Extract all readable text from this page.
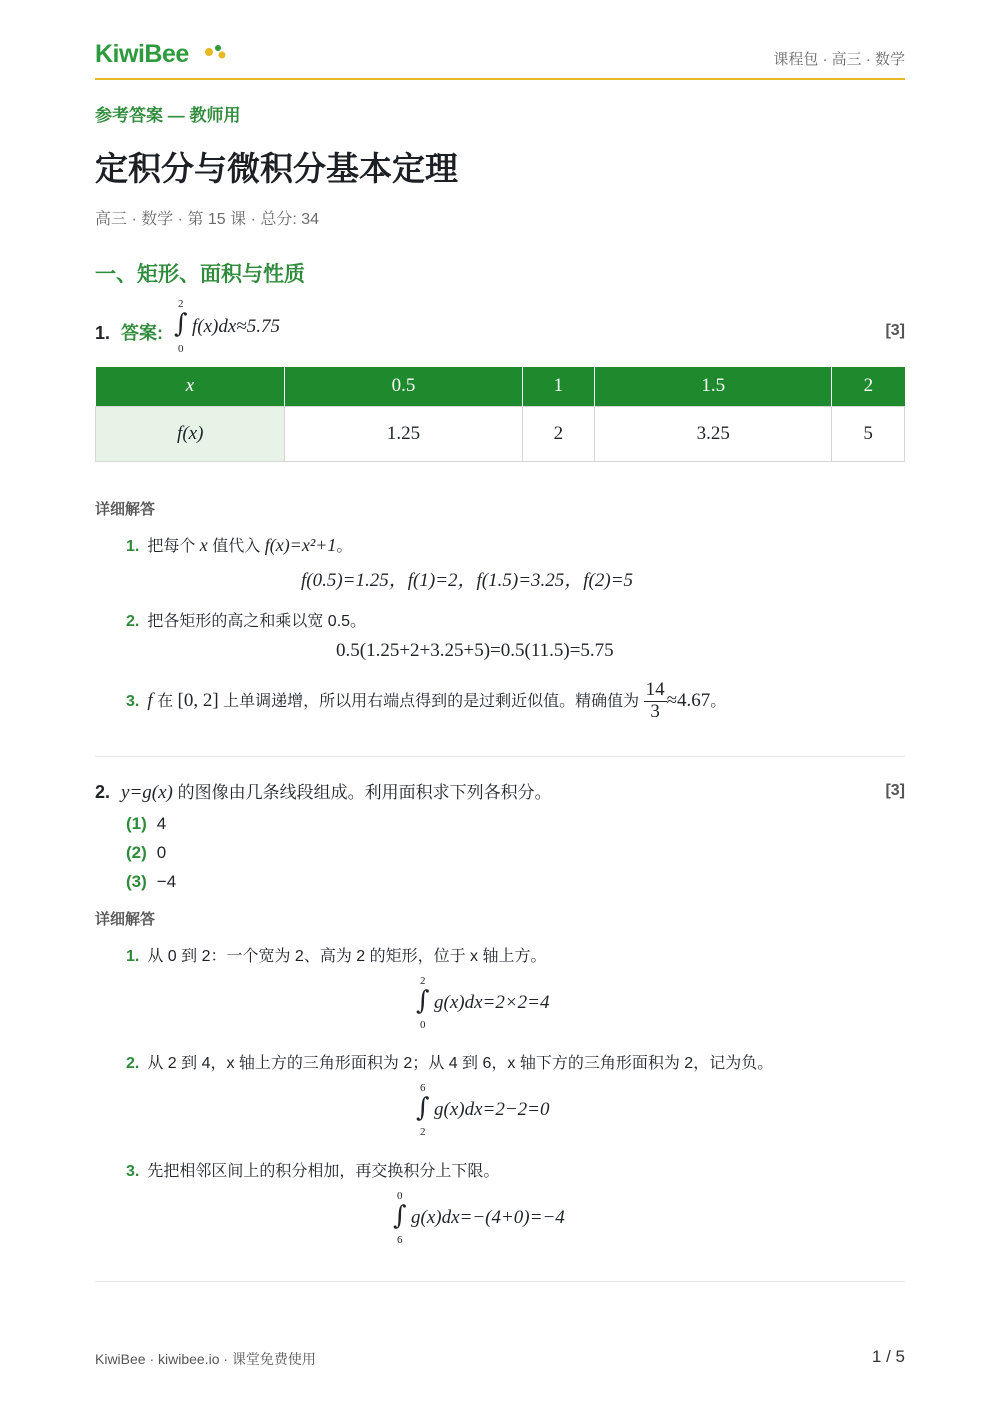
KiwiBee	课程包 · 高三 · 数学
参考答案 — 教师用
定积分与微积分基本定理
高三 · 数学 · 第 15 课 · 总分: 34
一、矩形、面积与性质
1. 答案:
2
∫
0
f(x)dx≈5.75	[3]
x	0.5	1	1.5	2
f(x)	1.25	2	3.25	5
详细解答
1. 把每个 x 值代入 f(x)=x²+1。
f(0.5)=1.25，f(1)=2，f(1.5)=3.25，f(2)=5
2. 把各矩形的高之和乘以宽 0.5。
0.5(1.25+2+3.25+5)=0.5(11.5)=5.75
3. f 在 [0, 2] 上单调递增，所以用右端点得到的是过剩近似值。精确值为 $\frac{14}{3} \approx 4.67$。
2. y=g(x) 的图像由几条线段组成。利用面积求下列各积分。	[3]
(1) 4
(2) 0
(3) −4
详细解答
1. 从 0 到 2：一个宽为 2、高为 2 的矩形，位于 x 轴上方。
2
∫
0
g(x)dx=2×2=4
2. 从 2 到 4，x 轴上方的三角形面积为 2；从 4 到 6，x 轴下方的三角形面积为 2，记为负。
6
∫
2
g(x)dx=2−2=0
3. 先把相邻区间上的积分相加，再交换积分上下限。
0
∫
6
g(x)dx=−(4+0)=−4
KiwiBee · kiwibee.io · 课堂免费使用	1 / 5
